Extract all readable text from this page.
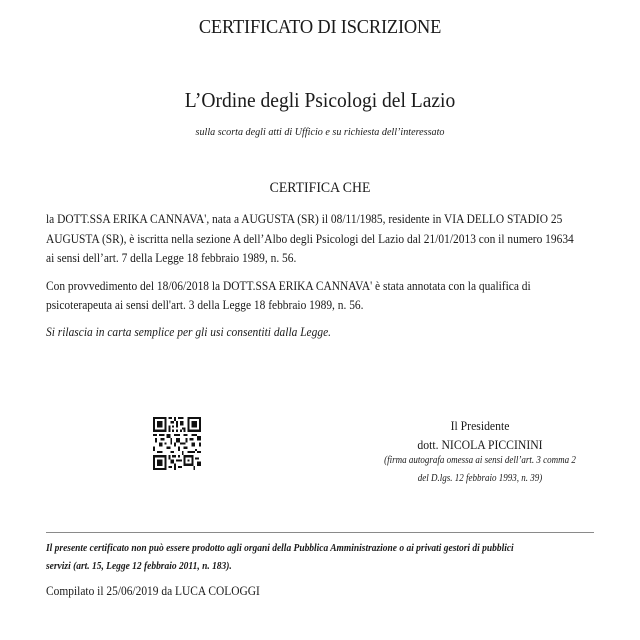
CERTIFICATO DI ISCRIZIONE
L’Ordine degli Psicologi del Lazio
sulla scorta degli atti di Ufficio e su richiesta dell’interessato
CERTIFICA CHE
la DOTT.SSA ERIKA CANNAVA', nata a AUGUSTA (SR) il 08/11/1985, residente in VIA DELLO STADIO 25
AUGUSTA (SR), è iscritta nella sezione A dell’Albo degli Psicologi del Lazio dal 21/01/2013 con il numero 19634
ai sensi dell’art. 7 della Legge 18 febbraio 1989, n. 56.
Con provvedimento del 18/06/2018 la DOTT.SSA ERIKA CANNAVA' è stata annotata con la qualifica di
psicoterapeuta ai sensi dell'art. 3 della Legge 18 febbraio 1989, n. 56.
Si rilascia in carta semplice per gli usi consentiti dalla Legge.
Il Presidente
dott. NICOLA PICCININI
(firma autografa omessa ai sensi dell’art. 3 comma 2
del D.lgs. 12 febbraio 1993, n. 39)
Il presente certificato non può essere prodotto agli organi della Pubblica Amministrazione o ai privati gestori di pubblici
servizi (art. 15, Legge 12 febbraio 2011, n. 183).
Compilato il 25/06/2019 da LUCA COLOGGI
